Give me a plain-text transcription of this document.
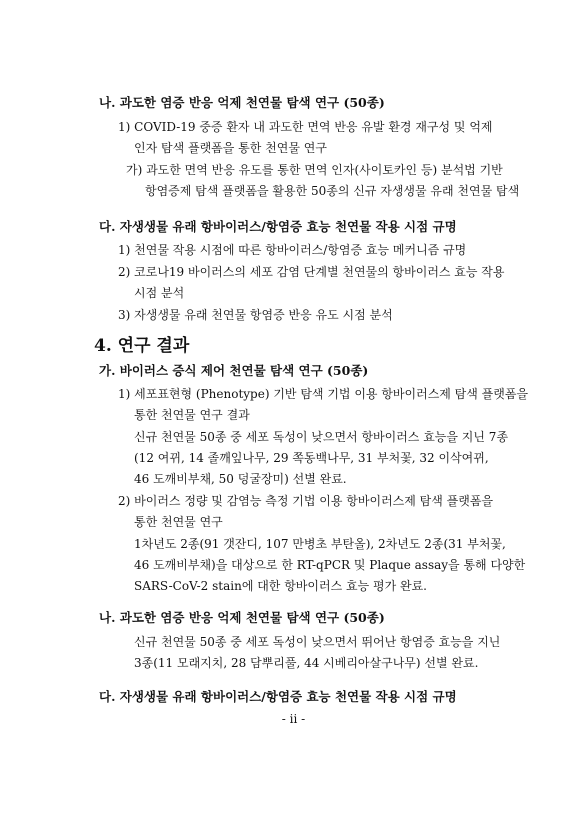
나. 과도한 염증 반응 억제 천연물 탐색 연구 (50종)
1) COVID-19 중증 환자 내 과도한 면역 반응 유발 환경 재구성 및 억제
인자 탐색 플랫폼을 통한 천연물 연구
가) 과도한 면역 반응 유도를 통한 면역 인자(사이토카인 등) 분석법 기반
항염증제 탐색 플랫폼을 활용한 50종의 신규 자생생물 유래 천연물 탐색
다. 자생생물 유래 항바이러스/항염증 효능 천연물 작용 시점 규명
1) 천연물 작용 시점에 따른 항바이러스/항염증 효능 메커니즘 규명
2) 코로나19 바이러스의 세포 감염 단계별 천연물의 항바이러스 효능 작용
시점 분석
3) 자생생물 유래 천연물 항염증 반응 유도 시점 분석
4. 연구 결과
가. 바이러스 증식 제어 천연물 탐색 연구 (50종)
1) 세포표현형 (Phenotype) 기반 탐색 기법 이용 항바이러스제 탐색 플랫폼을
통한 천연물 연구 결과
신규 천연물 50종 중 세포 독성이 낮으면서 항바이러스 효능을 지닌 7종
(12 여뀌, 14 졸깨잎나무, 29 쪽동백나무, 31 부처꽃, 32 이삭여뀌,
46 도깨비부채, 50 덩굴장미) 선별 완료.
2) 바이러스 정량 및 감염능 측정 기법 이용 항바이러스제 탐색 플랫폼을
통한 천연물 연구
1차년도 2종(91 갯잔디, 107 만병초 부탄올), 2차년도 2종(31 부처꽃,
46 도깨비부채)을 대상으로 한 RT-qPCR 및 Plaque assay을 통해 다양한
SARS-CoV-2 stain에 대한 항바이러스 효능 평가 완료.
나. 과도한 염증 반응 억제 천연물 탐색 연구 (50종)
신규 천연물 50종 중 세포 독성이 낮으면서 뛰어난 항염증 효능을 지닌
3종(11 모래지치, 28 담뿌리풀, 44 시베리아살구나무) 선별 완료.
다. 자생생물 유래 항바이러스/항염증 효능 천연물 작용 시점 규명
- ii -
